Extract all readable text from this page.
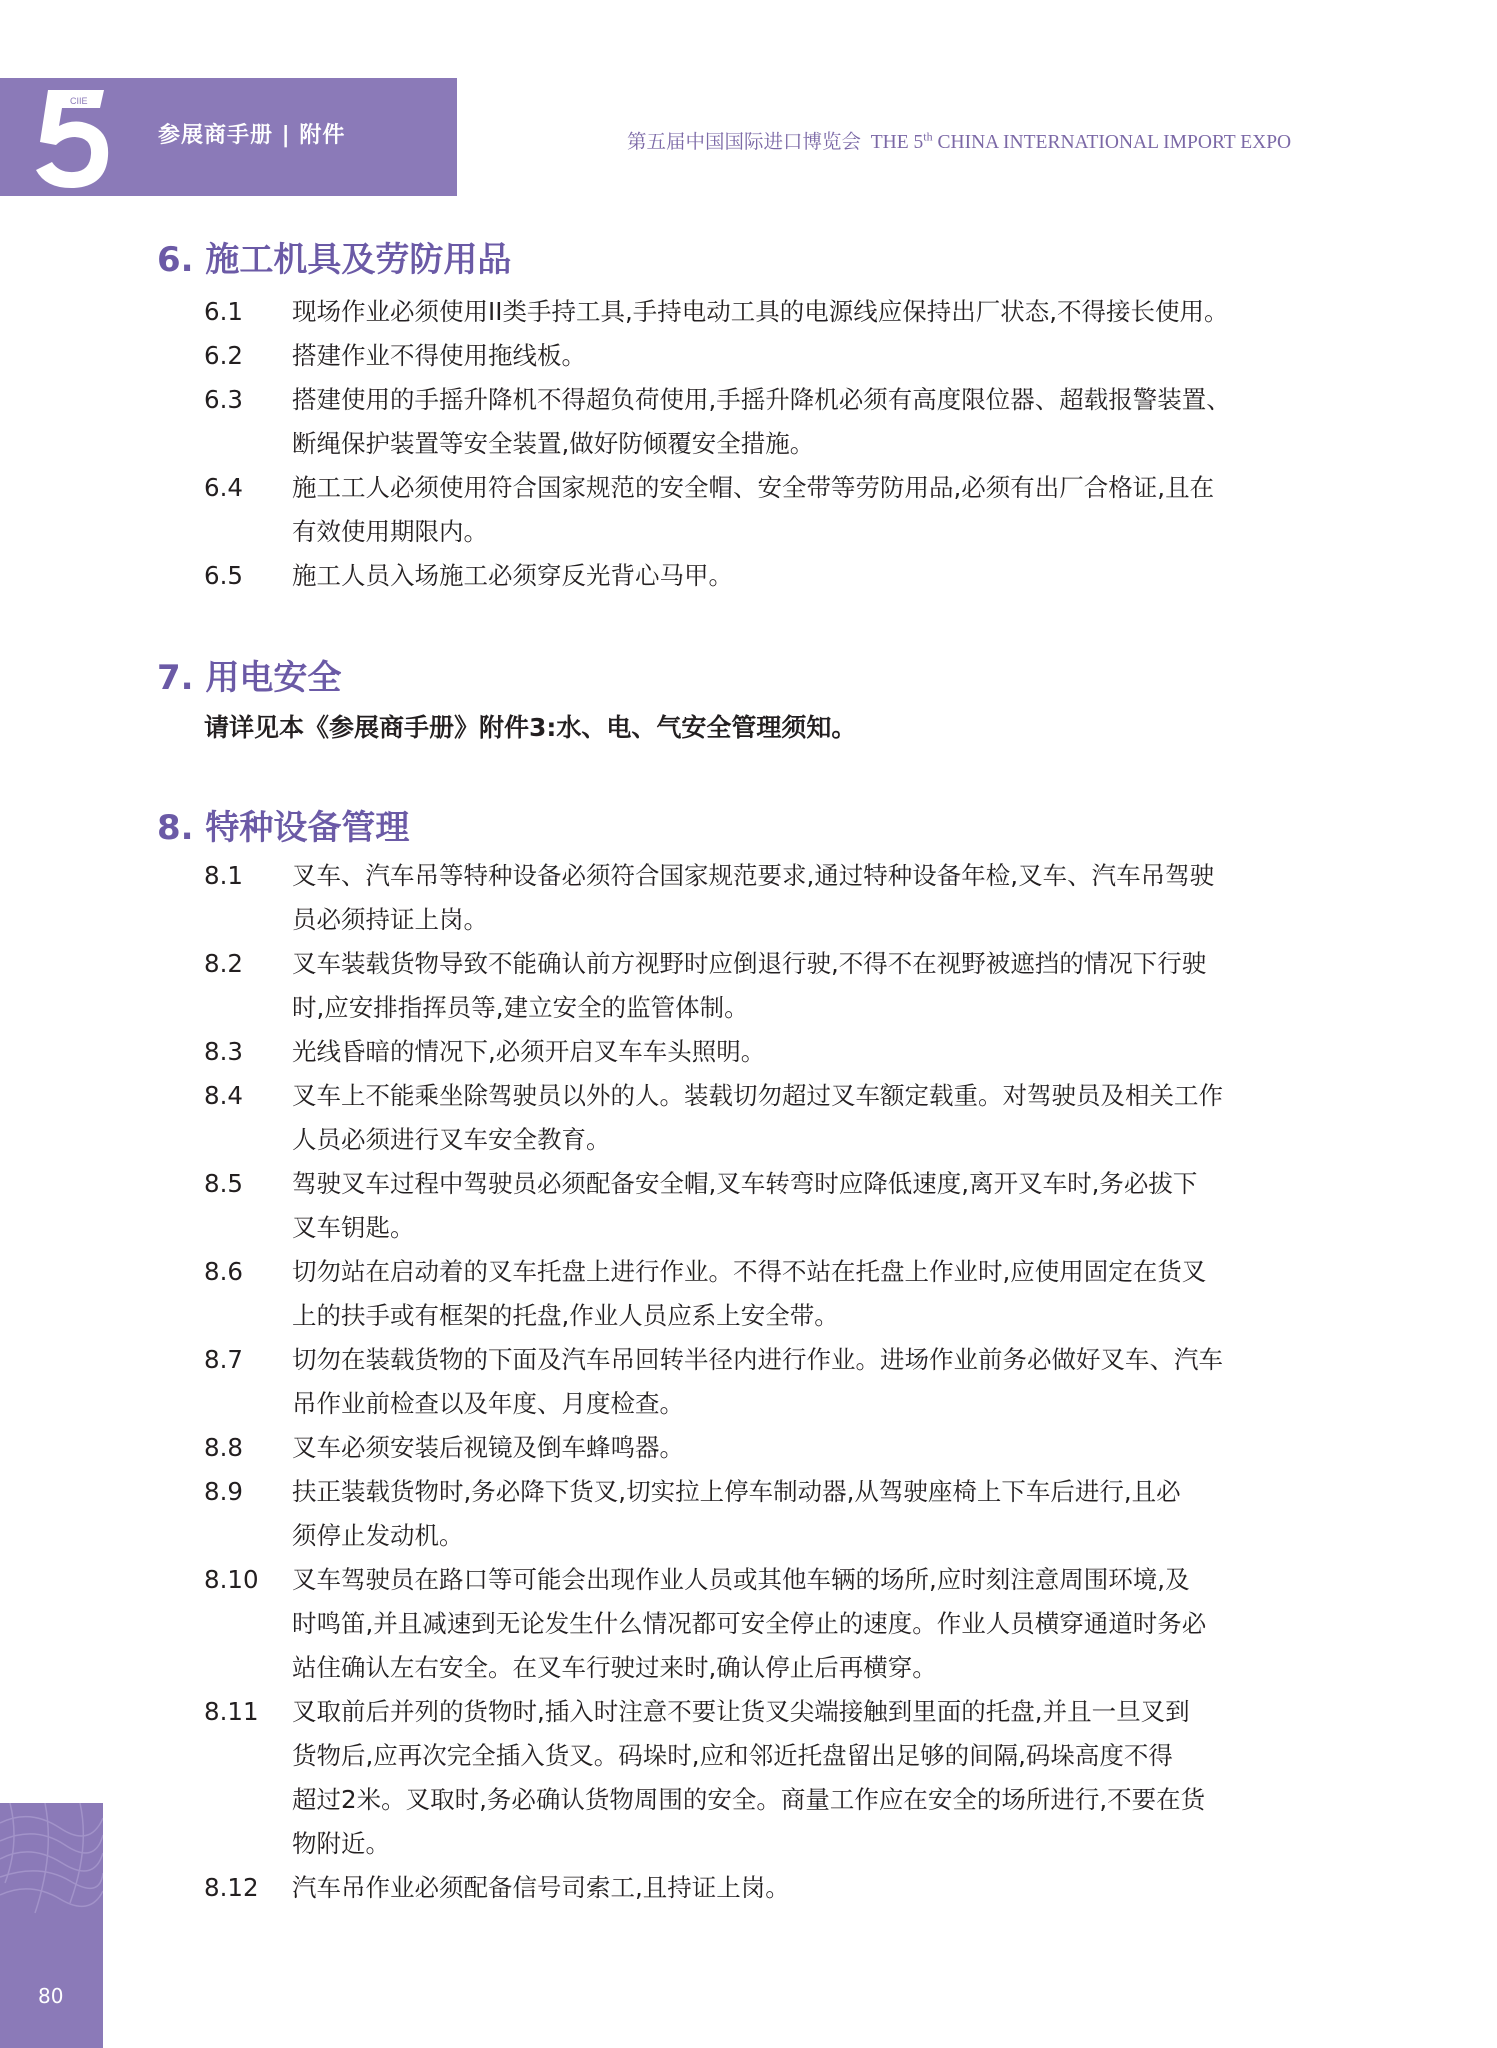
CIIE
参展商手册 | 附件	第五届中国国际进口博览会 THE 5th CHINA INTERNATIONAL IMPORT EXPO
6. 施工机具及劳防用品
6.1 现场作业必须使用II类手持工具,手持电动工具的电源线应保持出厂状态,不得接长使用。
6.2 搭建作业不得使用拖线板。
6.3 搭建使用的手摇升降机不得超负荷使用,手摇升降机必须有高度限位器、超载报警装置、
断绳保护装置等安全装置,做好防倾覆安全措施。
6.4 施工工人必须使用符合国家规范的安全帽、安全带等劳防用品,必须有出厂合格证,且在
有效使用期限内。
6.5 施工人员入场施工必须穿反光背心马甲。
7. 用电安全

请详见本《参展商手册》附件3:水、电、气安全管理须知。

8. 特种设备管理
8.1 叉车、汽车吊等特种设备必须符合国家规范要求,通过特种设备年检,叉车、汽车吊驾驶
员必须持证上岗。
8.2 叉车装载货物导致不能确认前方视野时应倒退行驶,不得不在视野被遮挡的情况下行驶
时,应安排指挥员等,建立安全的监管体制。
8.3 光线昏暗的情况下,必须开启叉车车头照明。
8.4 叉车上不能乘坐除驾驶员以外的人。装载切勿超过叉车额定载重。对驾驶员及相关工作
人员必须进行叉车安全教育。
8.5 驾驶叉车过程中驾驶员必须配备安全帽,叉车转弯时应降低速度,离开叉车时,务必拔下
叉车钥匙。
8.6 切勿站在启动着的叉车托盘上进行作业。不得不站在托盘上作业时,应使用固定在货叉
上的扶手或有框架的托盘,作业人员应系上安全带。
8.7 切勿在装载货物的下面及汽车吊回转半径内进行作业。进场作业前务必做好叉车、汽车
吊作业前检查以及年度、月度检查。
8.8 叉车必须安装后视镜及倒车蜂鸣器。
8.9 扶正装载货物时,务必降下货叉,切实拉上停车制动器,从驾驶座椅上下车后进行,且必
须停止发动机。
8.10 叉车驾驶员在路口等可能会出现作业人员或其他车辆的场所,应时刻注意周围环境,及
时鸣笛,并且减速到无论发生什么情况都可安全停止的速度。作业人员横穿通道时务必
站住确认左右安全。在叉车行驶过来时,确认停止后再横穿。
8.11 叉取前后并列的货物时,插入时注意不要让货叉尖端接触到里面的托盘,并且一旦叉到
货物后,应再次完全插入货叉。码垛时,应和邻近托盘留出足够的间隔,码垛高度不得
超过2米。叉取时,务必确认货物周围的安全。商量工作应在安全的场所进行,不要在货
物附近。
8.12 汽车吊作业必须配备信号司索工,且持证上岗。
80
